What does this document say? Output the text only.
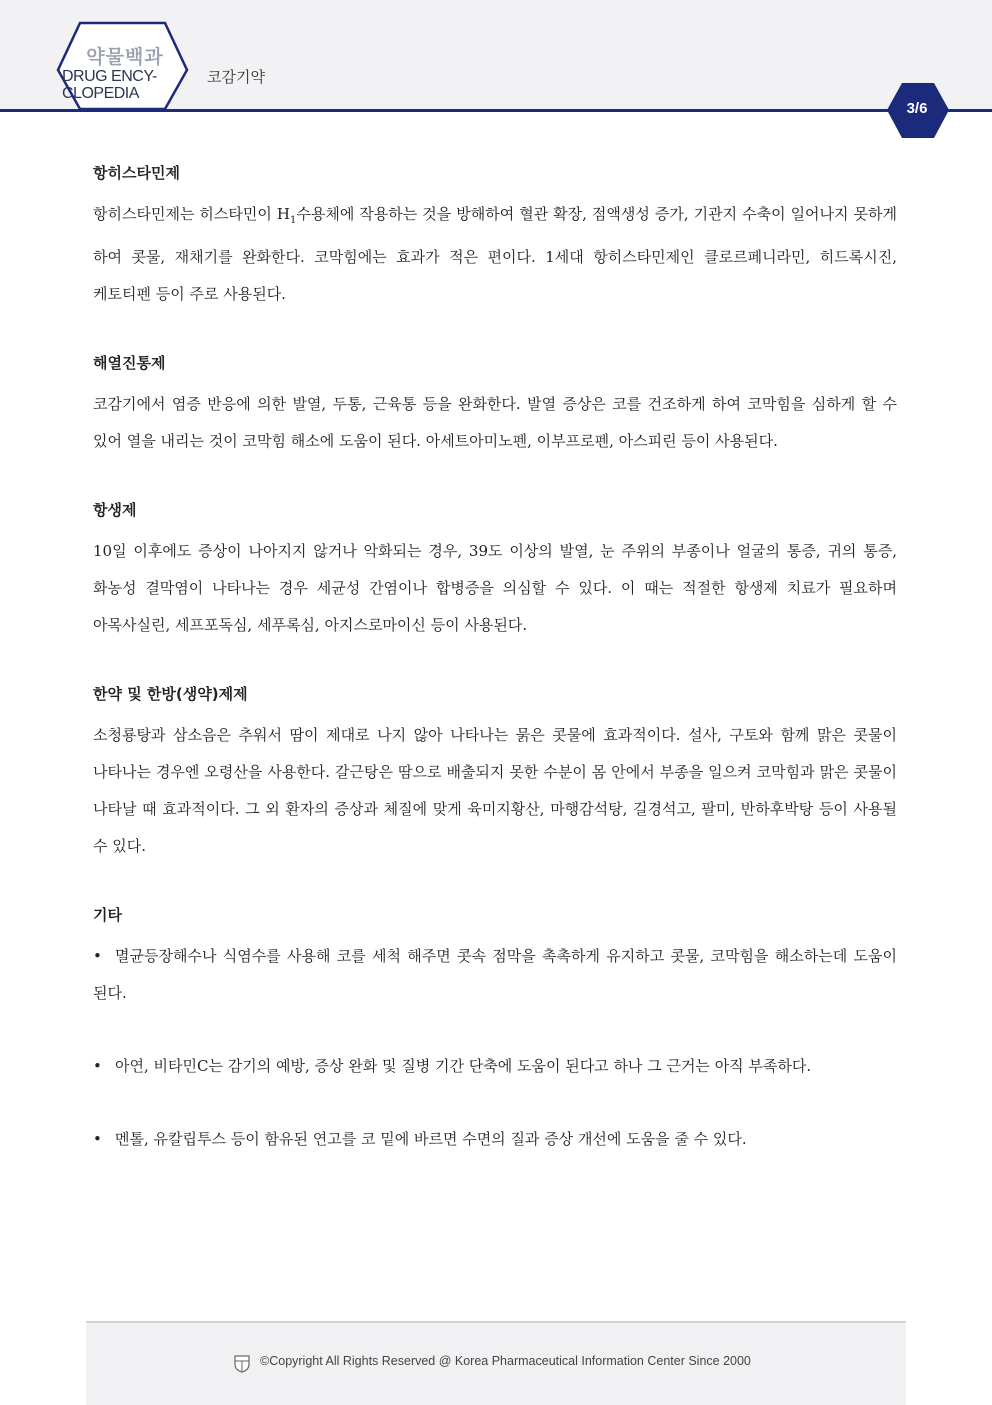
약물백과
DRUG ENCY-
CLOPEDIA
코감기약
3/6
항히스타민제

항히스타민제는 히스타민이 $H_1$수용체에 작용하는 것을 방해하여 혈관 확장, 점액생성 증가, 기관지 수축이 일어나지 못하게 하여 콧물, 재채기를 완화한다. 코막힘에는 효과가 적은 편이다. 1세대 항히스타민제인 클로르페니라민, 히드록시진, 케토티펜 등이 주로 사용된다.

해열진통제

코감기에서 염증 반응에 의한 발열, 두통, 근육통 등을 완화한다. 발열 증상은 코를 건조하게 하여 코막힘을 심하게 할 수 있어 열을 내리는 것이 코막힘 해소에 도움이 된다. 아세트아미노펜, 이부프로펜, 아스피린 등이 사용된다.

항생제

10일 이후에도 증상이 나아지지 않거나 악화되는 경우, 39도 이상의 발열, 눈 주위의 부종이나 얼굴의 통증, 귀의 통증, 화농성 결막염이 나타나는 경우 세균성 간염이나 합병증을 의심할 수 있다. 이 때는 적절한 항생제 치료가 필요하며 아목사실린, 세프포독심, 세푸록심, 아지스로마이신 등이 사용된다.

한약 및 한방(생약)제제

소청룡탕과 삼소음은 추워서 땀이 제대로 나지 않아 나타나는 묽은 콧물에 효과적이다. 설사, 구토와 함께 맑은 콧물이 나타나는 경우엔 오령산을 사용한다. 갈근탕은 땀으로 배출되지 못한 수분이 몸 안에서 부종을 일으켜 코막힘과 맑은 콧물이 나타날 때 효과적이다. 그 외 환자의 증상과 체질에 맞게 육미지황산, 마행감석탕, 길경석고, 팔미, 반하후박탕 등이 사용될 수 있다.

기타

• 멸균등장해수나 식염수를 사용해 코를 세척 해주면 콧속 점막을 촉촉하게 유지하고 콧물, 코막힘을 해소하는데 도움이 된다.

• 아연, 비타민C는 감기의 예방, 증상 완화 및 질병 기간 단축에 도움이 된다고 하나 그 근거는 아직 부족하다.

• 멘톨, 유칼립투스 등이 함유된 연고를 코 밑에 바르면 수면의 질과 증상 개선에 도움을 줄 수 있다.

©Copyright All Rights Reserved @ Korea Pharmaceutical Information Center Since 2000
